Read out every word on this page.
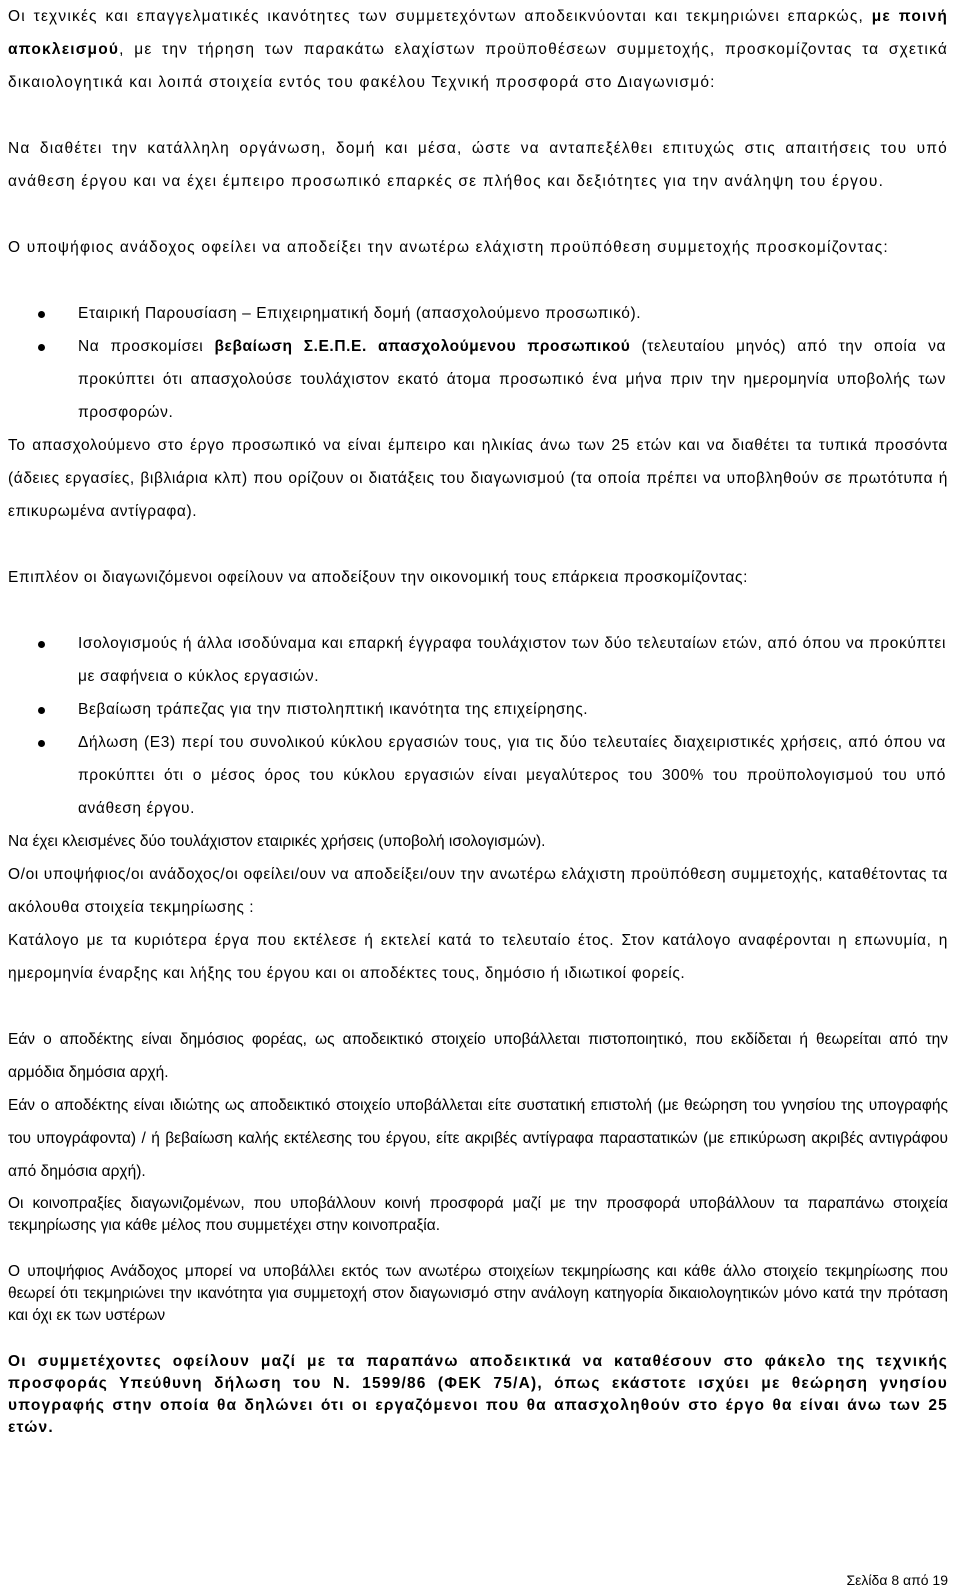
Οι τεχνικές και επαγγελματικές ικανότητες των συμμετεχόντων αποδεικνύονται και τεκμηριώνει επαρκώς, με ποινή αποκλεισμού, με την τήρηση των παρακάτω ελαχίστων προϋποθέσεων συμμετοχής, προσκομίζοντας τα σχετικά δικαιολογητικά και λοιπά στοιχεία εντός του φακέλου Τεχνική προσφορά στο Διαγωνισμό:

Να διαθέτει την κατάλληλη οργάνωση, δομή και μέσα, ώστε να ανταπεξέλθει επιτυχώς στις απαιτήσεις του υπό ανάθεση έργου και να έχει έμπειρο προσωπικό επαρκές σε πλήθος και δεξιότητες για την ανάληψη του έργου.

Ο υποψήφιος ανάδοχος οφείλει να αποδείξει την ανωτέρω ελάχιστη προϋπόθεση συμμετοχής προσκομίζοντας:

Εταιρική Παρουσίαση – Επιχειρηματική δομή (απασχολούμενο προσωπικό).
Να προσκομίσει βεβαίωση Σ.Ε.Π.Ε. απασχολούμενου προσωπικού (τελευταίου μηνός) από την οποία να προκύπτει ότι απασχολούσε τουλάχιστον εκατό άτομα προσωπικό ένα μήνα πριν την ημερομηνία υποβολής των προσφορών.

Το απασχολούμενο στο έργο προσωπικό να είναι έμπειρο και ηλικίας άνω των 25 ετών και να διαθέτει τα τυπικά προσόντα (άδειες εργασίες, βιβλιάρια κλπ) που ορίζουν οι διατάξεις του διαγωνισμού (τα οποία πρέπει να υποβληθούν σε πρωτότυπα ή επικυρωμένα αντίγραφα).

Επιπλέον οι διαγωνιζόμενοι οφείλουν να αποδείξουν την οικονομική τους επάρκεια προσκομίζοντας:

Ισολογισμούς ή άλλα ισοδύναμα και επαρκή έγγραφα τουλάχιστον των δύο τελευταίων ετών, από όπου να προκύπτει με σαφήνεια ο κύκλος εργασιών.
Βεβαίωση τράπεζας για την πιστοληπτική ικανότητα της επιχείρησης.
Δήλωση (Ε3) περί του συνολικού κύκλου εργασιών τους, για τις δύο τελευταίες διαχειριστικές χρήσεις, από όπου να προκύπτει ότι ο μέσος όρος του κύκλου εργασιών είναι μεγαλύτερος του 300% του προϋπολογισμού του υπό ανάθεση έργου.

Να έχει κλεισμένες δύο τουλάχιστον εταιρικές χρήσεις (υποβολή ισολογισμών).

Ο/οι υποψήφιος/οι ανάδοχος/οι οφείλει/ουν να αποδείξει/ουν την ανωτέρω ελάχιστη προϋπόθεση συμμετοχής, καταθέτοντας τα ακόλουθα στοιχεία τεκμηρίωσης :

Κατάλογο με τα κυριότερα έργα που εκτέλεσε ή εκτελεί κατά το τελευταίο έτος. Στον κατάλογο αναφέρονται η επωνυμία, η ημερομηνία έναρξης και λήξης του έργου και οι αποδέκτες τους, δημόσιο ή ιδιωτικοί φορείς.

Εάν ο αποδέκτης είναι δημόσιος φορέας, ως αποδεικτικό στοιχείο υποβάλλεται πιστοποιητικό, που εκδίδεται ή θεωρείται από την αρμόδια δημόσια αρχή.

Εάν ο αποδέκτης είναι ιδιώτης ως αποδεικτικό στοιχείο υποβάλλεται είτε συστατική επιστολή (με θεώρηση του γνησίου της υπογραφής του υπογράφοντα) / ή βεβαίωση καλής εκτέλεσης του έργου, είτε ακριβές αντίγραφα παραστατικών (με επικύρωση ακριβές αντιγράφου από δημόσια αρχή).

Οι κοινοπραξίες διαγωνιζομένων, που υποβάλλουν κοινή προσφορά μαζί με την προσφορά υποβάλλουν τα παραπάνω στοιχεία τεκμηρίωσης για κάθε μέλος που συμμετέχει στην κοινοπραξία.

Ο υποψήφιος Ανάδοχος μπορεί να υποβάλλει εκτός των ανωτέρω στοιχείων τεκμηρίωσης και κάθε άλλο στοιχείο τεκμηρίωσης που θεωρεί ότι τεκμηριώνει την ικανότητα για συμμετοχή στον διαγωνισμό στην ανάλογη κατηγορία δικαιολογητικών μόνο κατά την πρόταση και όχι εκ των υστέρων

Οι συμμετέχοντες οφείλουν μαζί με τα παραπάνω αποδεικτικά να καταθέσουν στο φάκελο της τεχνικής προσφοράς Υπεύθυνη δήλωση του Ν. 1599/86 (ΦΕΚ 75/Α), όπως εκάστοτε ισχύει με θεώρηση γνησίου υπογραφής στην οποία θα δηλώνει ότι οι εργαζόμενοι που θα απασχοληθούν στο έργο θα είναι άνω των 25 ετών.

Σελίδα 8 από 19
